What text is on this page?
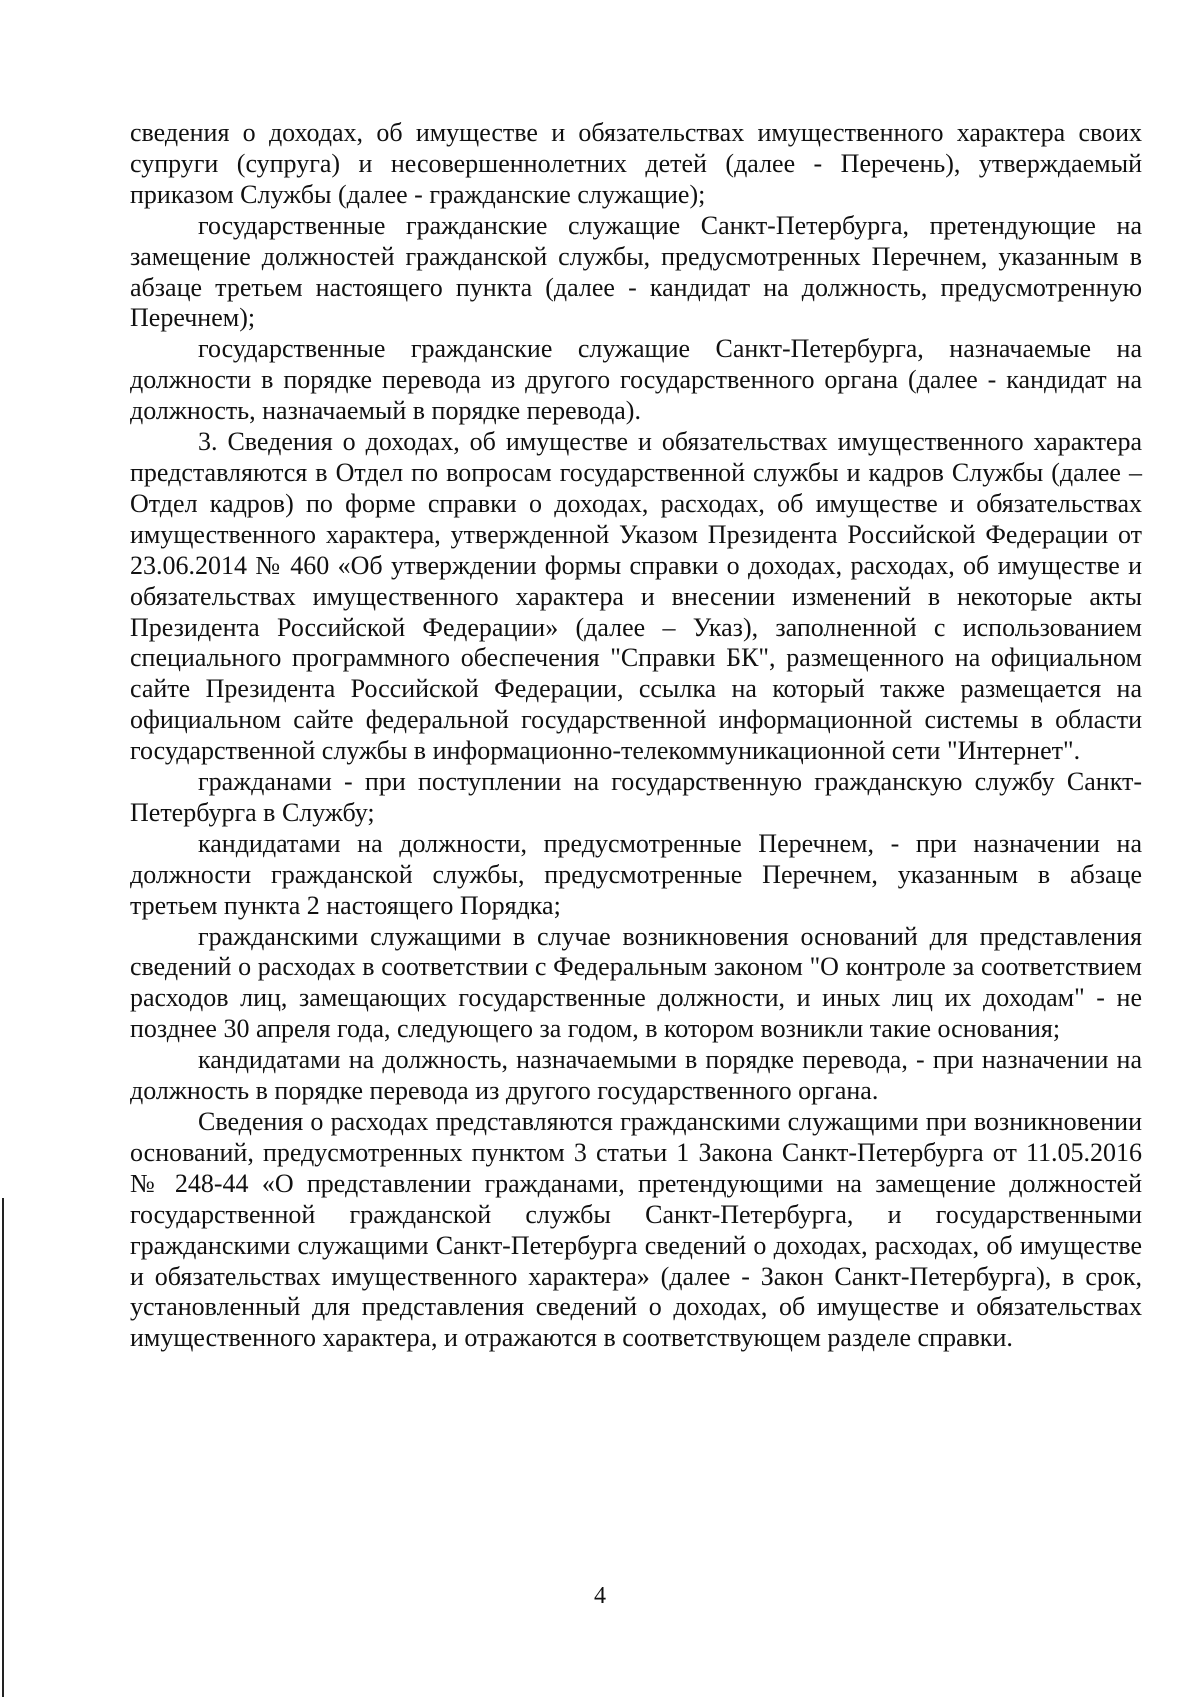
сведения о доходах, об имуществе и обязательствах имущественного характера своих супруги (супруга) и несовершеннолетних детей (далее - Перечень), утверждаемый приказом Службы (далее - гражданские служащие);

государственные гражданские служащие Санкт-Петербурга, претендующие на замещение должностей гражданской службы, предусмотренных Перечнем, указанным в абзаце третьем настоящего пункта (далее - кандидат на должность, предусмотренную Перечнем);

государственные гражданские служащие Санкт-Петербурга, назначаемые на должности в порядке перевода из другого государственного органа (далее - кандидат на должность, назначаемый в порядке перевода).

3. Сведения о доходах, об имуществе и обязательствах имущественного характера представляются в Отдел по вопросам государственной службы и кадров Службы (далее – Отдел кадров) по форме справки о доходах, расходах, об имуществе и обязательствах имущественного характера, утвержденной Указом Президента Российской Федерации от 23.06.2014 № 460 «Об утверждении формы справки о доходах, расходах, об имуществе и обязательствах имущественного характера и внесении изменений в некоторые акты Президента Российской Федерации» (далее – Указ), заполненной с использованием специального программного обеспечения "Справки БК", размещенного на официальном сайте Президента Российской Федерации, ссылка на который также размещается на официальном сайте федеральной государственной информационной системы в области государственной службы в информационно-телекоммуникационной сети "Интернет".

гражданами - при поступлении на государственную гражданскую службу Санкт-Петербурга в Службу;

кандидатами на должности, предусмотренные Перечнем, - при назначении на должности гражданской службы, предусмотренные Перечнем, указанным в абзаце третьем пункта 2 настоящего Порядка;

гражданскими служащими в случае возникновения оснований для представления сведений о расходах в соответствии с Федеральным законом "О контроле за соответствием расходов лиц, замещающих государственные должности, и иных лиц их доходам" - не позднее 30 апреля года, следующего за годом, в котором возникли такие основания;

кандидатами на должность, назначаемыми в порядке перевода, - при назначении на должность в порядке перевода из другого государственного органа.

Сведения о расходах представляются гражданскими служащими при возникновении оснований, предусмотренных пунктом 3 статьи 1 Закона Санкт-Петербурга от 11.05.2016 № 248-44 «О представлении гражданами, претендующими на замещение должностей государственной гражданской службы Санкт-Петербурга, и государственными гражданскими служащими Санкт-Петербурга сведений о доходах, расходах, об имуществе и обязательствах имущественного характера» (далее - Закон Санкт-Петербурга), в срок, установленный для представления сведений о доходах, об имуществе и обязательствах имущественного характера, и отражаются в соответствующем разделе справки.

4
